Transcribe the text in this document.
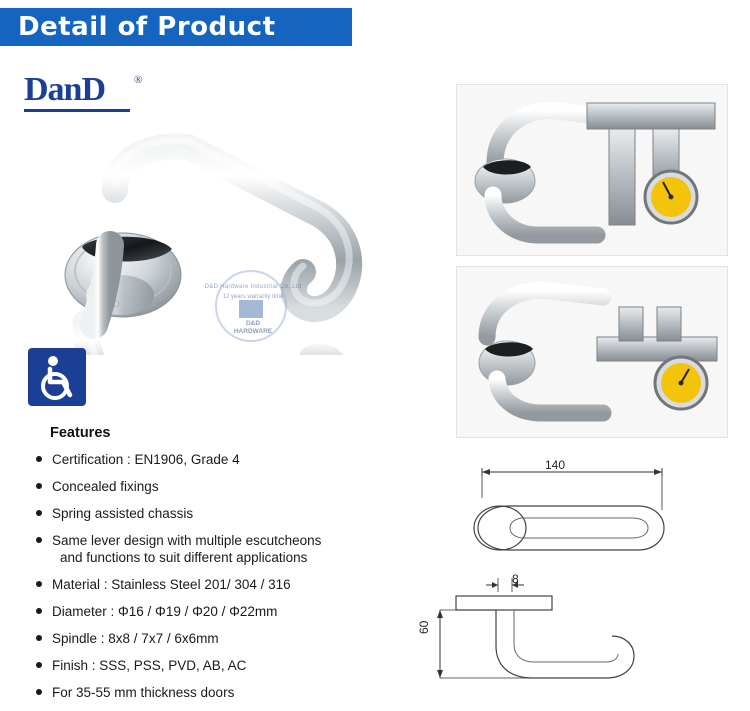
Detail of Product
DanD	®
DanD
D&D Hardware Industrial Co.,Ltd
12 years warranty time
D&D
HARDWARE
Features
Certification : EN1906, Grade 4
Concealed fixings
Spring assisted chassis
Same lever design with multiple escutcheons
and functions to suit different applications
Material : Stainless Steel 201/ 304 / 316
Diameter : Φ16 / Φ19 / Φ20 / Φ22mm
Spindle : 8x8 / 7x7 / 6x6mm
Finish : SSS, PSS, PVD, AB, AC
For 35-55 mm thickness doors
140
8
60
